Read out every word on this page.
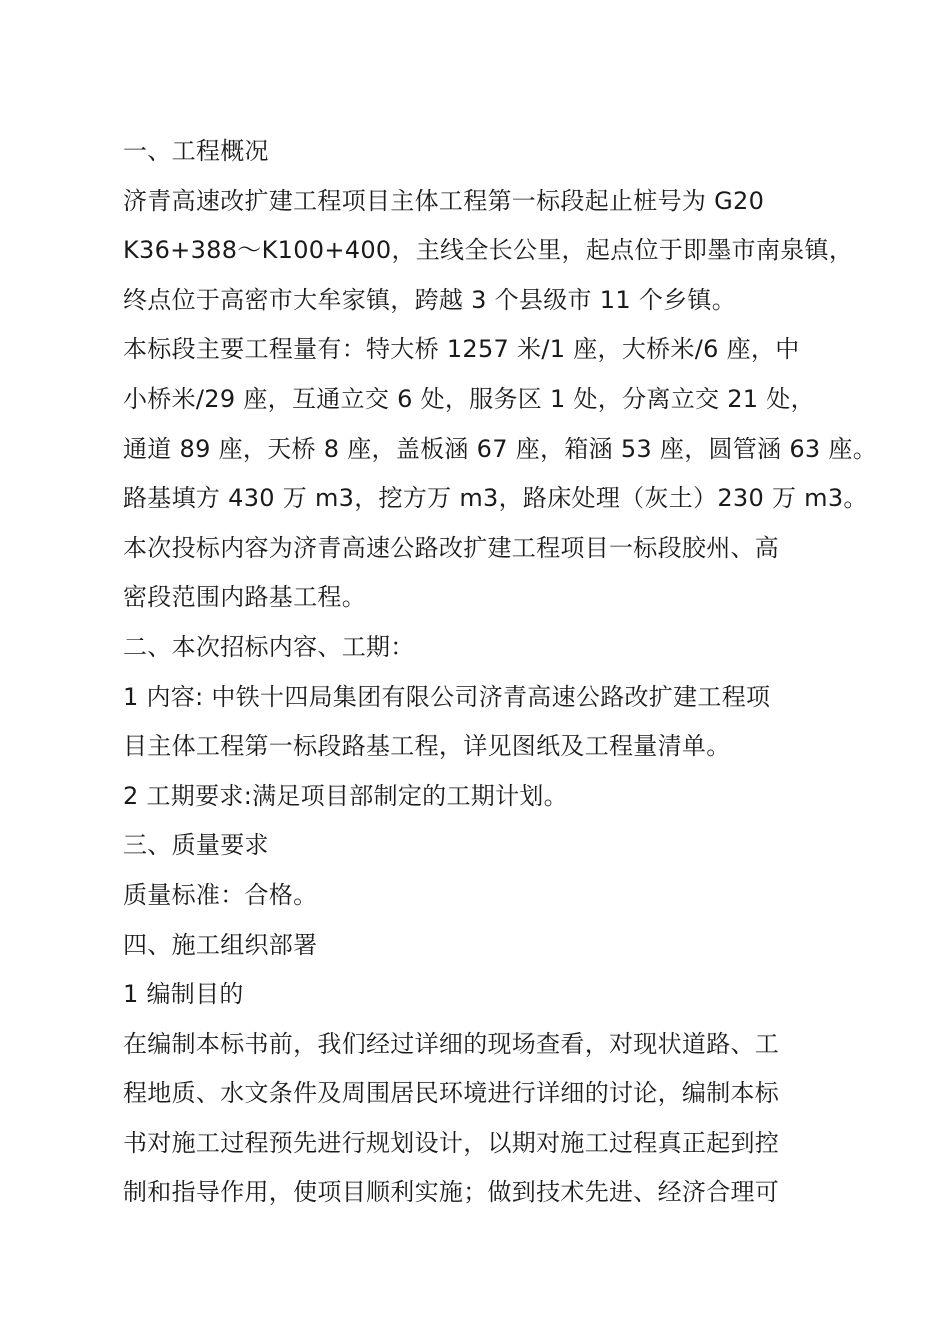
一、工程概况
济青高速改扩建工程项目主体工程第一标段起止桩号为 G20
K36+388～K100+400，主线全长公里，起点位于即墨市南泉镇，
终点位于高密市大牟家镇，跨越 3 个县级市 11 个乡镇。
本标段主要工程量有：特大桥 1257 米/1 座，大桥米/6 座，中
小桥米/29 座，互通立交 6 处，服务区 1 处，分离立交 21 处，
通道 89 座，天桥 8 座，盖板涵 67 座，箱涵 53 座，圆管涵 63 座。
路基填方 430 万 m3，挖方万 m3，路床处理（灰土）230 万 m3。
本次投标内容为济青高速公路改扩建工程项目一标段胶州、高
密段范围内路基工程。
二、本次招标内容、工期：
1 内容: 中铁十四局集团有限公司济青高速公路改扩建工程项
目主体工程第一标段路基工程，详见图纸及工程量清单。
2 工期要求:满足项目部制定的工期计划。
三、质量要求
质量标准：合格。
四、施工组织部署
1 编制目的
在编制本标书前，我们经过详细的现场查看，对现状道路、工
程地质、水文条件及周围居民环境进行详细的讨论，编制本标
书对施工过程预先进行规划设计，以期对施工过程真正起到控
制和指导作用，使项目顺利实施；做到技术先进、经济合理可
